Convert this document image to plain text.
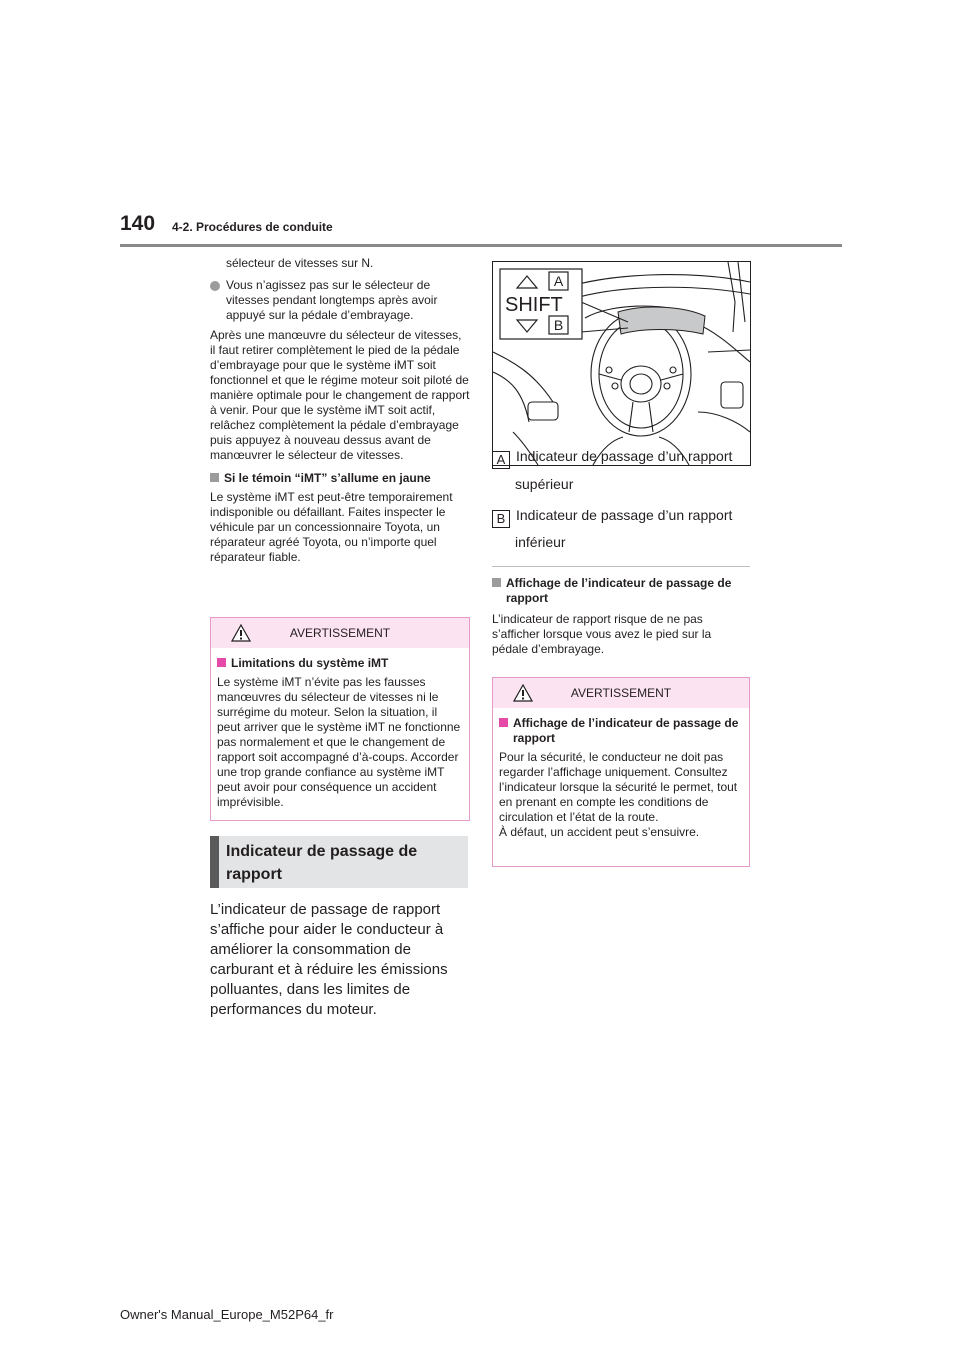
140 4-2. Procédures de conduite

sélecteur de vitesses sur N.

Vous n’agissez pas sur le sélecteur de vitesses pendant longtemps après avoir appuyé sur la pédale d’embrayage.

Après une manœuvre du sélecteur de vitesses, il faut retirer complètement le pied de la pédale d’embrayage pour que le système iMT soit fonctionnel et que le régime moteur soit piloté de manière optimale pour le changement de rapport à venir. Pour que le système iMT soit actif, relâchez complètement la pédale d’embrayage puis appuyez à nouveau dessus avant de manœuvrer le sélecteur de vitesses.

Si le témoin “iMT” s’allume en jaune

Le système iMT est peut-être temporairement indisponible ou défaillant. Faites inspecter le véhicule par un concessionnaire Toyota, un réparateur agréé Toyota, ou n’importe quel réparateur fiable.

AVERTISSEMENT

Limitations du système iMT

Le système iMT n’évite pas les fausses manœuvres du sélecteur de vitesses ni le surrégime du moteur. Selon la situation, il peut arriver que le système iMT ne fonctionne pas normalement et que le changement de rapport soit accompagné d’à-coups. Accorder une trop grande confiance au système iMT peut avoir pour conséquence un accident imprévisible.

Indicateur de passage de rapport
L’indicateur de passage de rapport s’affiche pour aider le conducteur à améliorer la consommation de carburant et à réduire les émissions polluantes, dans les limites de performances du moteur.
A
B
SHIFT
A Indicateur de passage d’un rapport
supérieur
B Indicateur de passage d’un rapport
inférieur
Affichage de l’indicateur de passage de rapport

L’indicateur de rapport risque de ne pas s’afficher lorsque vous avez le pied sur la pédale d’embrayage.

AVERTISSEMENT
Affichage de l’indicateur de passage de rapport

Pour la sécurité, le conducteur ne doit pas regarder l’affichage uniquement. Consultez l’indicateur lorsque la sécurité le permet, tout en prenant en compte les conditions de circulation et l’état de la route.

À défaut, un accident peut s’ensuivre.

Owner's Manual_Europe_M52P64_fr
